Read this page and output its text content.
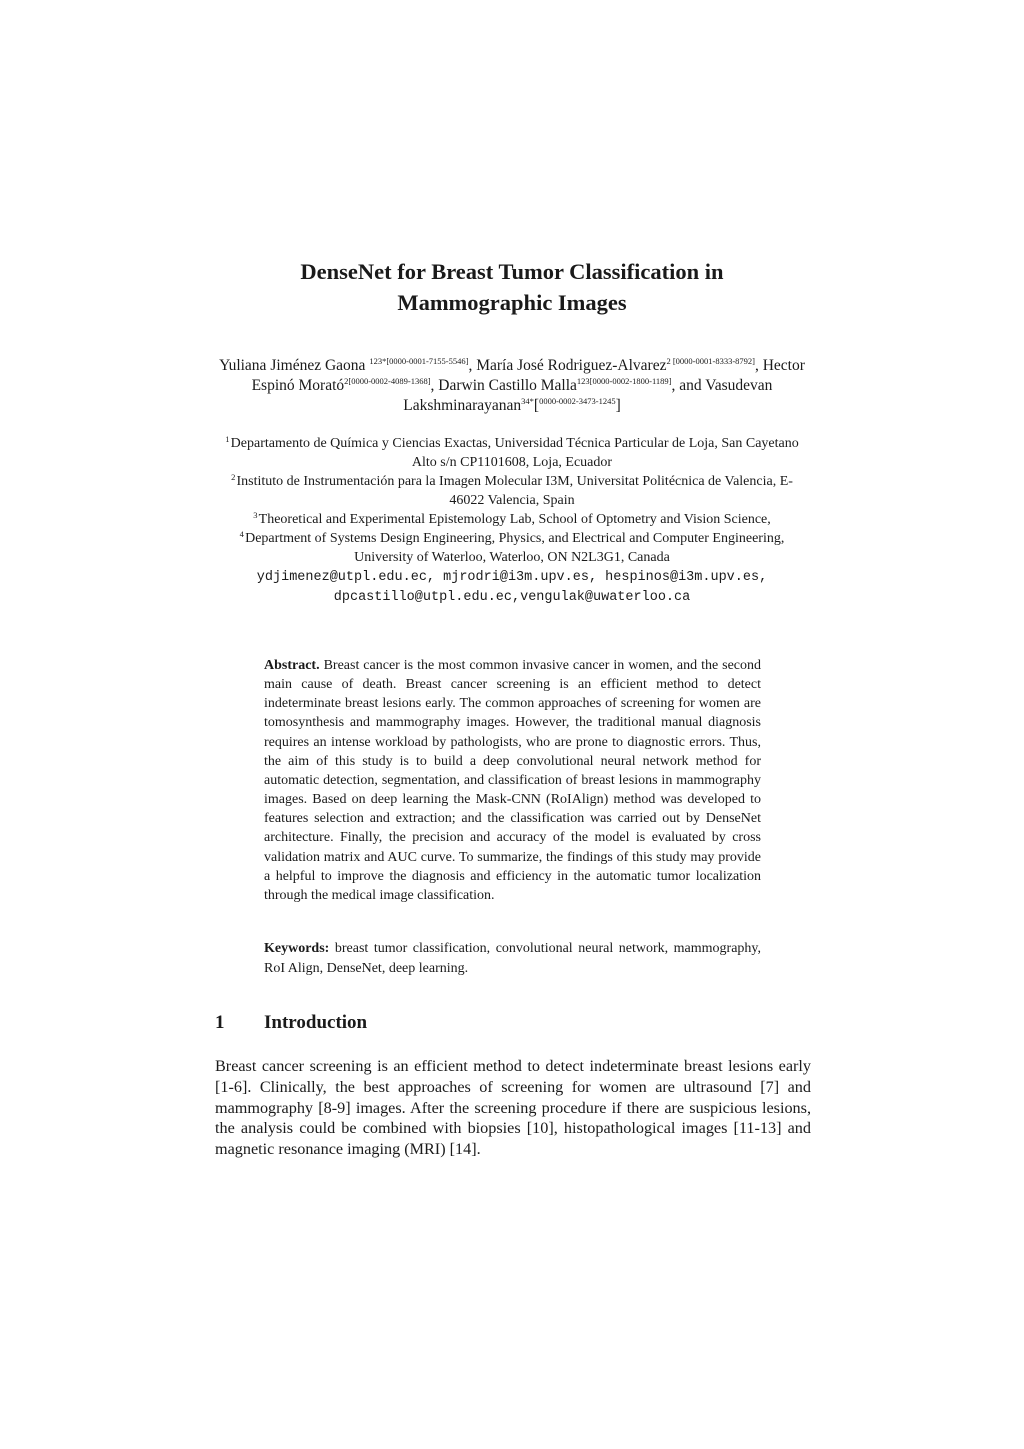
DenseNet for Breast Tumor Classification in
Mammographic Images
Yuliana Jiménez Gaona $^{123*[0000-0001-7155-5546]}$, María José Rodriguez-Alvarez$^{2 [0000-0001-8333-8792]}$, Hector Espinó Morató$^{2[0000-0002-4089-1368]}$, Darwin Castillo Malla$^{123[0000-0002-1800-1189]}$, and Vasudevan Lakshminarayanan$^{34*}$[$^{0000-0002-3473-1245}$]
$^1$ Departamento de Química y Ciencias Exactas, Universidad Técnica Particular de Loja, San Cayetano Alto s/n CP1101608, Loja, Ecuador
$^2$ Instituto de Instrumentación para la Imagen Molecular I3M, Universitat Politécnica de Valencia, E-46022 Valencia, Spain
$^3$ Theoretical and Experimental Epistemology Lab, School of Optometry and Vision Science,
$^4$ Department of Systems Design Engineering, Physics, and Electrical and Computer Engineering, University of Waterloo, Waterloo, ON N2L3G1, Canada
ydjimenez@utpl.edu.ec, mjrodri@i3m.upv.es, hespinos@i3m.upv.es,
dpcastillo@utpl.edu.ec,vengulak@uwaterloo.ca

Abstract. Breast cancer is the most common invasive cancer in women, and the second main cause of death. Breast cancer screening is an efficient method to detect indeterminate breast lesions early. The common approaches of screening for women are tomosynthesis and mammography images. However, the traditional manual diagnosis requires an intense workload by pathologists, who are prone to diagnostic errors. Thus, the aim of this study is to build a deep convolutional neural network method for automatic detection, segmentation, and classification of breast lesions in mammography images. Based on deep learning the Mask-CNN (RoIAlign) method was developed to features selection and extraction; and the classification was carried out by DenseNet architecture. Finally, the precision and accuracy of the model is evaluated by cross validation matrix and AUC curve. To summarize, the findings of this study may provide a helpful to improve the diagnosis and efficiency in the automatic tumor localization through the medical image classification.

Keywords: breast tumor classification, convolutional neural network, mammography, RoI Align, DenseNet, deep learning.

1 Introduction

Breast cancer screening is an efficient method to detect indeterminate breast lesions early [1-6]. Clinically, the best approaches of screening for women are ultrasound [7] and mammography [8-9] images. After the screening procedure if there are suspicious lesions, the analysis could be combined with biopsies [10], histopathological images [11-13] and magnetic resonance imaging (MRI) [14].
